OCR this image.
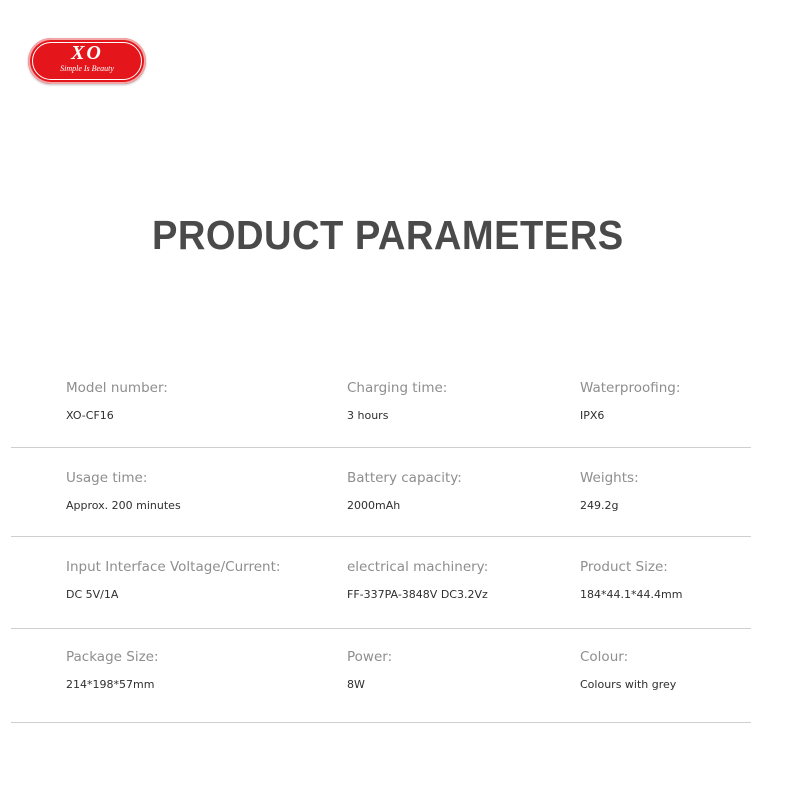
XO
Simple Is Beauty
PRODUCT PARAMETERS
Model number:
XO-CF16
Charging time:
3 hours
Waterproofing:
IPX6
Usage time:
Approx. 200 minutes
Battery capacity:
2000mAh
Weights:
249.2g
Input Interface Voltage/Current:
DC 5V/1A
electrical machinery:
FF-337PA-3848V DC3.2Vz
Product Size:
184*44.1*44.4mm
Package Size:
214*198*57mm
Power:
8W
Colour:
Colours with grey
